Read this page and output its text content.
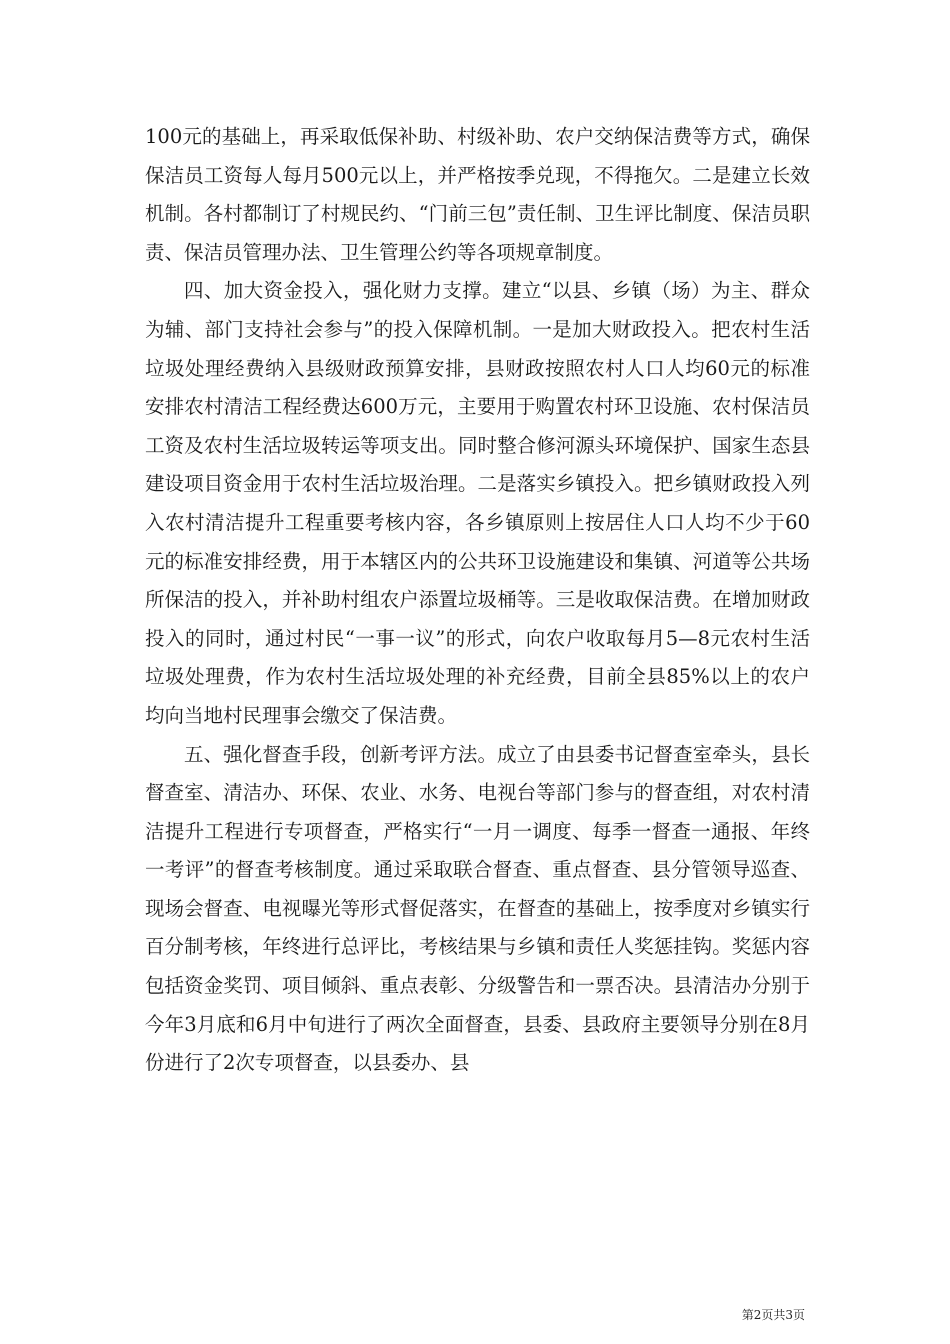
100元的基础上，再采取低保补助、村级补助、农户交纳保洁费等方式，确保保洁员工资每人每月500元以上，并严格按季兑现，不得拖欠。二是建立长效机制。各村都制订了村规民约、“门前三包”责任制、卫生评比制度、保洁员职责、保洁员管理办法、卫生管理公约等各项规章制度。

四、加大资金投入，强化财力支撑。建立“以县、乡镇（场）为主、群众为辅、部门支持社会参与”的投入保障机制。一是加大财政投入。把农村生活垃圾处理经费纳入县级财政预算安排，县财政按照农村人口人均60元的标准安排农村清洁工程经费达600万元，主要用于购置农村环卫设施、农村保洁员工资及农村生活垃圾转运等项支出。同时整合修河源头环境保护、国家生态县建设项目资金用于农村生活垃圾治理。二是落实乡镇投入。把乡镇财政投入列入农村清洁提升工程重要考核内容，各乡镇原则上按居住人口人均不少于60元的标准安排经费，用于本辖区内的公共环卫设施建设和集镇、河道等公共场所保洁的投入，并补助村组农户添置垃圾桶等。三是收取保洁费。在增加财政投入的同时，通过村民“一事一议”的形式，向农户收取每月5—8元农村生活垃圾处理费，作为农村生活垃圾处理的补充经费，目前全县85%以上的农户均向当地村民理事会缴交了保洁费。

五、强化督查手段，创新考评方法。成立了由县委书记督查室牵头，县长督查室、清洁办、环保、农业、水务、电视台等部门参与的督查组，对农村清洁提升工程进行专项督查，严格实行“一月一调度、每季一督查一通报、年终一考评”的督查考核制度。通过采取联合督查、重点督查、县分管领导巡查、现场会督查、电视曝光等形式督促落实，在督查的基础上，按季度对乡镇实行百分制考核，年终进行总评比，考核结果与乡镇和责任人奖惩挂钩。奖惩内容包括资金奖罚、项目倾斜、重点表彰、分级警告和一票否决。县清洁办分别于今年3月底和6月中旬进行了两次全面督查，县委、县政府主要领导分别在8月份进行了2次专项督查，以县委办、县

第2页共3页
